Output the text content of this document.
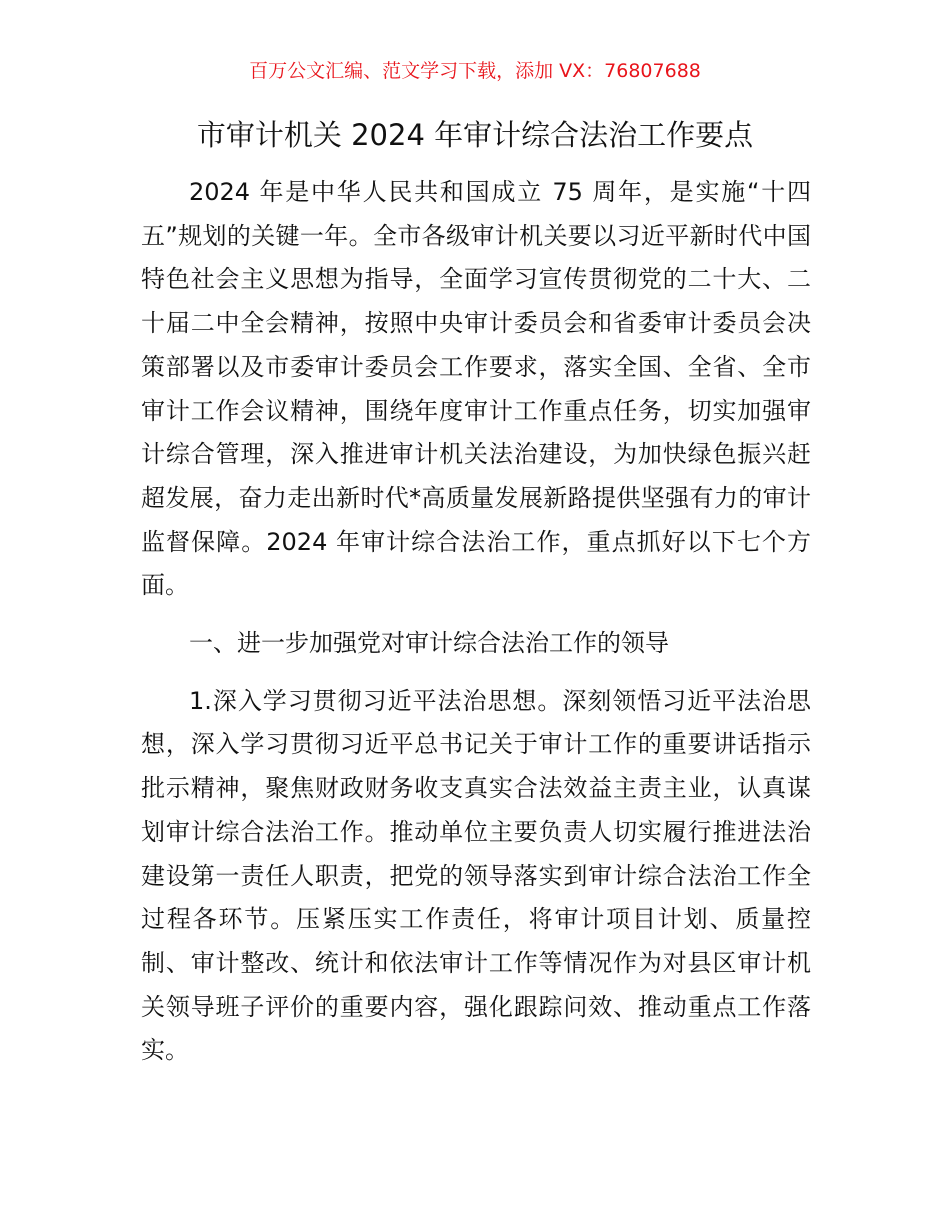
百万公文汇编、范文学习下载，添加 VX：76807688
市审计机关 2024 年审计综合法治工作要点

2024 年是中华人民共和国成立 75 周年，是实施“十四五”规划的关键一年。全市各级审计机关要以习近平新时代中国特色社会主义思想为指导，全面学习宣传贯彻党的二十大、二十届二中全会精神，按照中央审计委员会和省委审计委员会决策部署以及市委审计委员会工作要求，落实全国、全省、全市审计工作会议精神，围绕年度审计工作重点任务，切实加强审计综合管理，深入推进审计机关法治建设，为加快绿色振兴赶超发展，奋力走出新时代*高质量发展新路提供坚强有力的审计监督保障。2024 年审计综合法治工作，重点抓好以下七个方面。

一、进一步加强党对审计综合法治工作的领导

1.深入学习贯彻习近平法治思想。深刻领悟习近平法治思想，深入学习贯彻习近平总书记关于审计工作的重要讲话指示批示精神，聚焦财政财务收支真实合法效益主责主业，认真谋划审计综合法治工作。推动单位主要负责人切实履行推进法治建设第一责任人职责，把党的领导落实到审计综合法治工作全过程各环节。压紧压实工作责任，将审计项目计划、质量控制、审计整改、统计和依法审计工作等情况作为对县区审计机关领导班子评价的重要内容，强化跟踪问效、推动重点工作落实。
